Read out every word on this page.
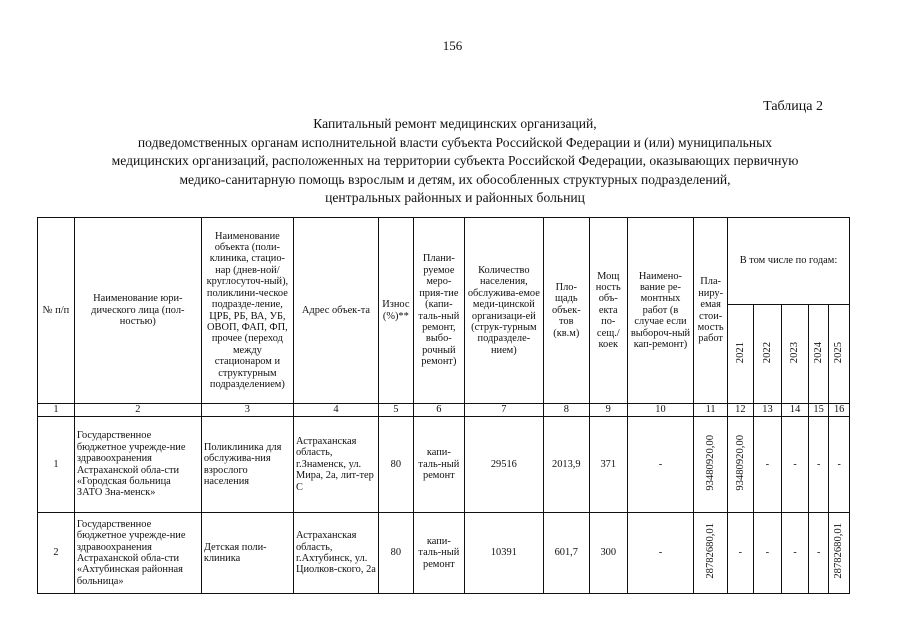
156
Таблица 2
Капитальный ремонт медицинских организаций,
подведомственных органам исполнительной власти субъекта Российской Федерации и (или) муниципальных
медицинских организаций, расположенных на территории субъекта Российской Федерации, оказывающих первичную
медико-санитарную помощь взрослым и детям, их обособленных структурных подразделений,
центральных районных и районных больниц
№ п/п	Наименование юри-дического лица (пол-ностью)	Наименование объекта (поли-клиника, стацио-нар (днев-ной/круглосуточ-ный), поликлини-ческое подразде-ление, ЦРБ, РБ, ВА, УБ, ОВОП, ФАП, ФП, прочее (переход между стационаром и структурным подразделением)	Адрес объек-та	Износ (%)**	Плани-руемое меро-прия-тие (капи-таль-ный ремонт, выбо-рочный ремонт)	Количество населения, обслужива-емое меди-цинской организаци-ей (струк-турным подразделе-нием)	Пло-щадь объек-тов (кв.м)	Мощ ность объ-екта по-сещ./ коек	Наимено-вание ре-монтных работ (в случае если выбороч-ный кап-ремонт)	Пла-ниру-емая стои-мость работ	В том числе по годам:				
											2021	2022	2023	2024	2025
1	2	3	4	5	6	7	8	9	10	11	12	13	14	15	16
1	Государственное бюджетное учрежде-ние здравоохранения Астраханской обла-сти «Городская больница ЗАТО Зна-менск»	Поликлиника для обслужива-ния взрослого населения	Астраханская область, г.Знаменск, ул. Мира, 2а, лит-тер С	80	капи-таль-ный ремонт	29516	2013,9	371	-	93480920,00	93480920,00	-	-	-	-
2	Государственное бюджетное учрежде-ние здравоохранения Астраханской обла-сти «Ахтубинская районная больница»	Детская поли-клиника	Астраханская область, г.Ахтубинск, ул. Циолков-ского, 2а	80	капи-таль-ный ремонт	10391	601,7	300	-	28782680,01	-	-	-	-	28782680,01
